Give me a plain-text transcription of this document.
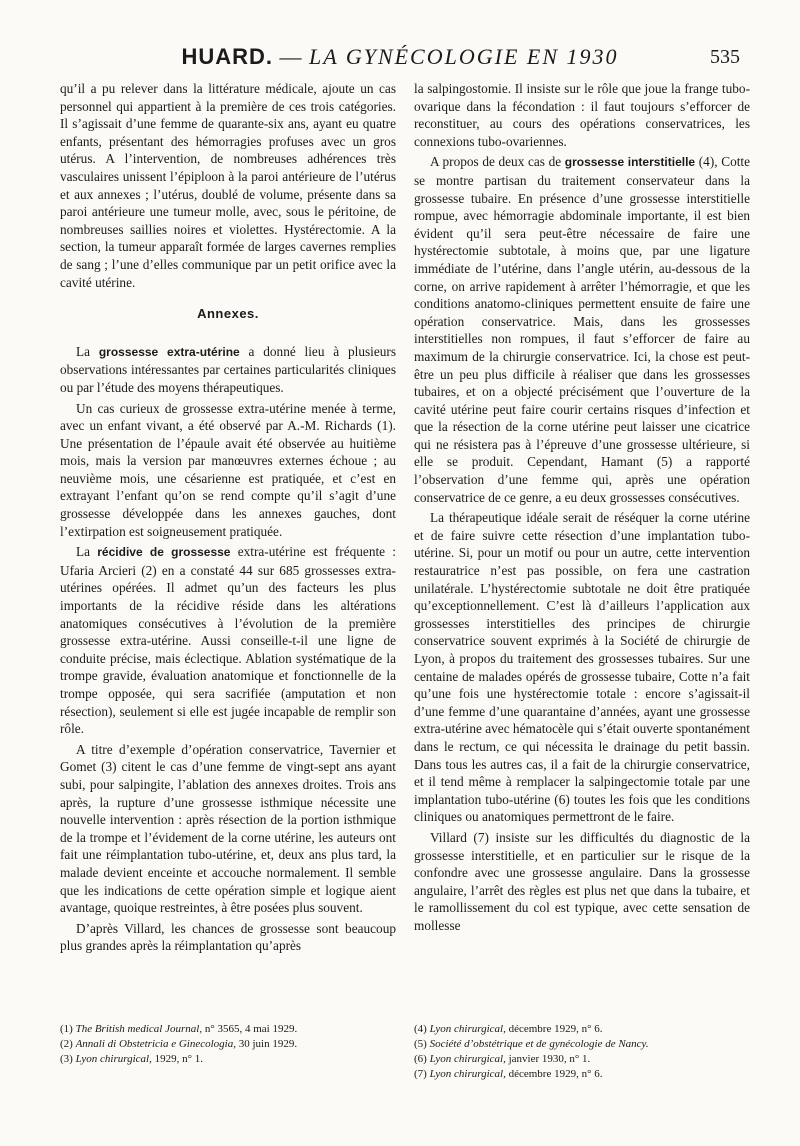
HUARD. — LA GYNÉCOLOGIE EN 1930	535

qu’il a pu relever dans la littérature médicale, ajoute un cas personnel qui appartient à la première de ces trois catégories. Il s’agissait d’une femme de quarante-six ans, ayant eu quatre enfants, présentant des hémorragies profuses avec un gros utérus. A l’intervention, de nombreuses adhérences très vasculaires unissent l’épiploon à la paroi antérieure de l’utérus et aux annexes ; l’utérus, doublé de volume, présente dans sa paroi antérieure une tumeur molle, avec, sous le péritoine, de nombreuses saillies noires et violettes. Hystérectomie. A la section, la tumeur apparaît formée de larges cavernes remplies de sang ; l’une d’elles communique par un petit orifice avec la cavité utérine.

Annexes.

La grossesse extra-utérine a donné lieu à plusieurs observations intéressantes par certaines particularités cliniques ou par l’étude des moyens thérapeutiques.

Un cas curieux de grossesse extra-utérine menée à terme, avec un enfant vivant, a été observé par A.-M. Richards (1). Une présentation de l’épaule avait été observée au huitième mois, mais la version par manœuvres externes échoue ; au neuvième mois, une césarienne est pratiquée, et c’est en extrayant l’enfant qu’on se rend compte qu’il s’agit d’une grossesse développée dans les annexes gauches, dont l’extirpation est soigneusement pratiquée.

La récidive de grossesse extra-utérine est fréquente : Ufaria Arcieri (2) en a constaté 44 sur 685 grossesses extra-utérines opérées. Il admet qu’un des facteurs les plus importants de la récidive réside dans les altérations anatomiques consécutives à l’évolution de la première grossesse extra-utérine. Aussi conseille-t-il une ligne de conduite précise, mais éclectique. Ablation systématique de la trompe gravide, évaluation anatomique et fonctionnelle de la trompe opposée, qui sera sacrifiée (amputation et non résection), seulement si elle est jugée incapable de remplir son rôle.

A titre d’exemple d’opération conservatrice, Tavernier et Gomet (3) citent le cas d’une femme de vingt-sept ans ayant subi, pour salpingite, l’ablation des annexes droites. Trois ans après, la rupture d’une grossesse isthmique nécessite une nouvelle intervention : après résection de la portion isthmique de la trompe et l’évidement de la corne utérine, les auteurs ont fait une réimplantation tubo-utérine, et, deux ans plus tard, la malade devient enceinte et accouche normalement. Il semble que les indications de cette opération simple et logique aient avantage, quoique restreintes, à être posées plus souvent.

D’après Villard, les chances de grossesse sont beaucoup plus grandes après la réimplantation qu’après

la salpingostomie. Il insiste sur le rôle que joue la frange tubo-ovarique dans la fécondation : il faut toujours s’efforcer de reconstituer, au cours des opérations conservatrices, les connexions tubo-ovariennes.

A propos de deux cas de grossesse interstitielle (4), Cotte se montre partisan du traitement conservateur dans la grossesse tubaire. En présence d’une grossesse interstitielle rompue, avec hémorragie abdominale importante, il est bien évident qu’il sera peut-être nécessaire de faire une hystérectomie subtotale, à moins que, par une ligature immédiate de l’utérine, dans l’angle utérin, au-dessous de la corne, on arrive rapidement à arrêter l’hémorragie, et que les conditions anatomo-cliniques permettent ensuite de faire une opération conservatrice. Mais, dans les grossesses interstitielles non rompues, il faut s’efforcer de faire au maximum de la chirurgie conservatrice. Ici, la chose est peut-être un peu plus difficile à réaliser que dans les grossesses tubaires, et on a objecté précisément que l’ouverture de la cavité utérine peut faire courir certains risques d’infection et que la résection de la corne utérine peut laisser une cicatrice qui ne résistera pas à l’épreuve d’une grossesse ultérieure, si elle se produit. Cependant, Hamant (5) a rapporté l’observation d’une femme qui, après une opération conservatrice de ce genre, a eu deux grossesses consécutives.

La thérapeutique idéale serait de réséquer la corne utérine et de faire suivre cette résection d’une implantation tubo-utérine. Si, pour un motif ou pour un autre, cette intervention restauratrice n’est pas possible, on fera une castration unilatérale. L’hystérectomie subtotale ne doit être pratiquée qu’exceptionnellement. C’est là d’ailleurs l’application aux grossesses interstitielles des principes de chirurgie conservatrice souvent exprimés à la Société de chirurgie de Lyon, à propos du traitement des grossesses tubaires. Sur une centaine de malades opérés de grossesse tubaire, Cotte n’a fait qu’une fois une hystérectomie totale : encore s’agissait-il d’une femme d’une quarantaine d’années, ayant une grossesse extra-utérine avec hématocèle qui s’était ouverte spontanément dans le rectum, ce qui nécessita le drainage du petit bassin. Dans tous les autres cas, il a fait de la chirurgie conservatrice, et il tend même à remplacer la salpingectomie totale par une implantation tubo-utérine (6) toutes les fois que les conditions cliniques ou anatomiques permettront de le faire.

Villard (7) insiste sur les difficultés du diagnostic de la grossesse interstitielle, et en particulier sur le risque de la confondre avec une grossesse angulaire. Dans la grossesse angulaire, l’arrêt des règles est plus net que dans la tubaire, et le ramollissement du col est typique, avec cette sensation de mollesse

(1) The British medical Journal, n° 3565, 4 mai 1929.
(2) Annali di Obstetricia e Ginecologia, 30 juin 1929.
(3) Lyon chirurgical, 1929, n° 1.
(4) Lyon chirurgical, décembre 1929, n° 6.
(5) Société d’obstétrique et de gynécologie de Nancy.
(6) Lyon chirurgical, janvier 1930, n° 1.
(7) Lyon chirurgical, décembre 1929, n° 6.
